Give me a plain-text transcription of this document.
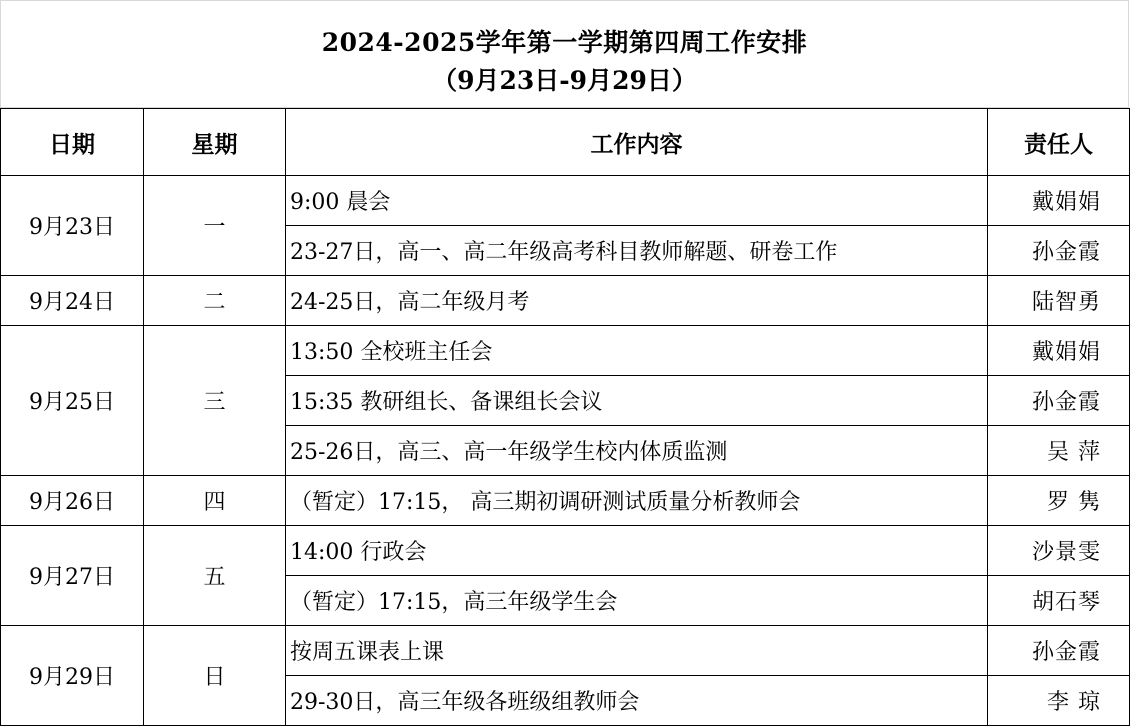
2024-2025学年第一学期第四周工作安排
（9月23日-9月29日）
日期	星期	工作内容	责任人
9月23日	一	9:00 晨会	戴娟娟
		23-27日，高一、高二年级高考科目教师解题、研卷工作	孙金霞
9月24日	二	24-25日，高二年级月考	陆智勇
9月25日	三	13:50 全校班主任会	戴娟娟
		15:35 教研组长、备课组长会议	孙金霞
		25-26日，高三、高一年级学生校内体质监测	吴 萍
9月26日	四	（暂定）17:15， 高三期初调研测试质量分析教师会	罗 隽
9月27日	五	14:00 行政会	沙景雯
		（暂定）17:15，高三年级学生会	胡石琴
9月29日	日	按周五课表上课	孙金霞
		29-30日，高三年级各班级组教师会	李 琼
